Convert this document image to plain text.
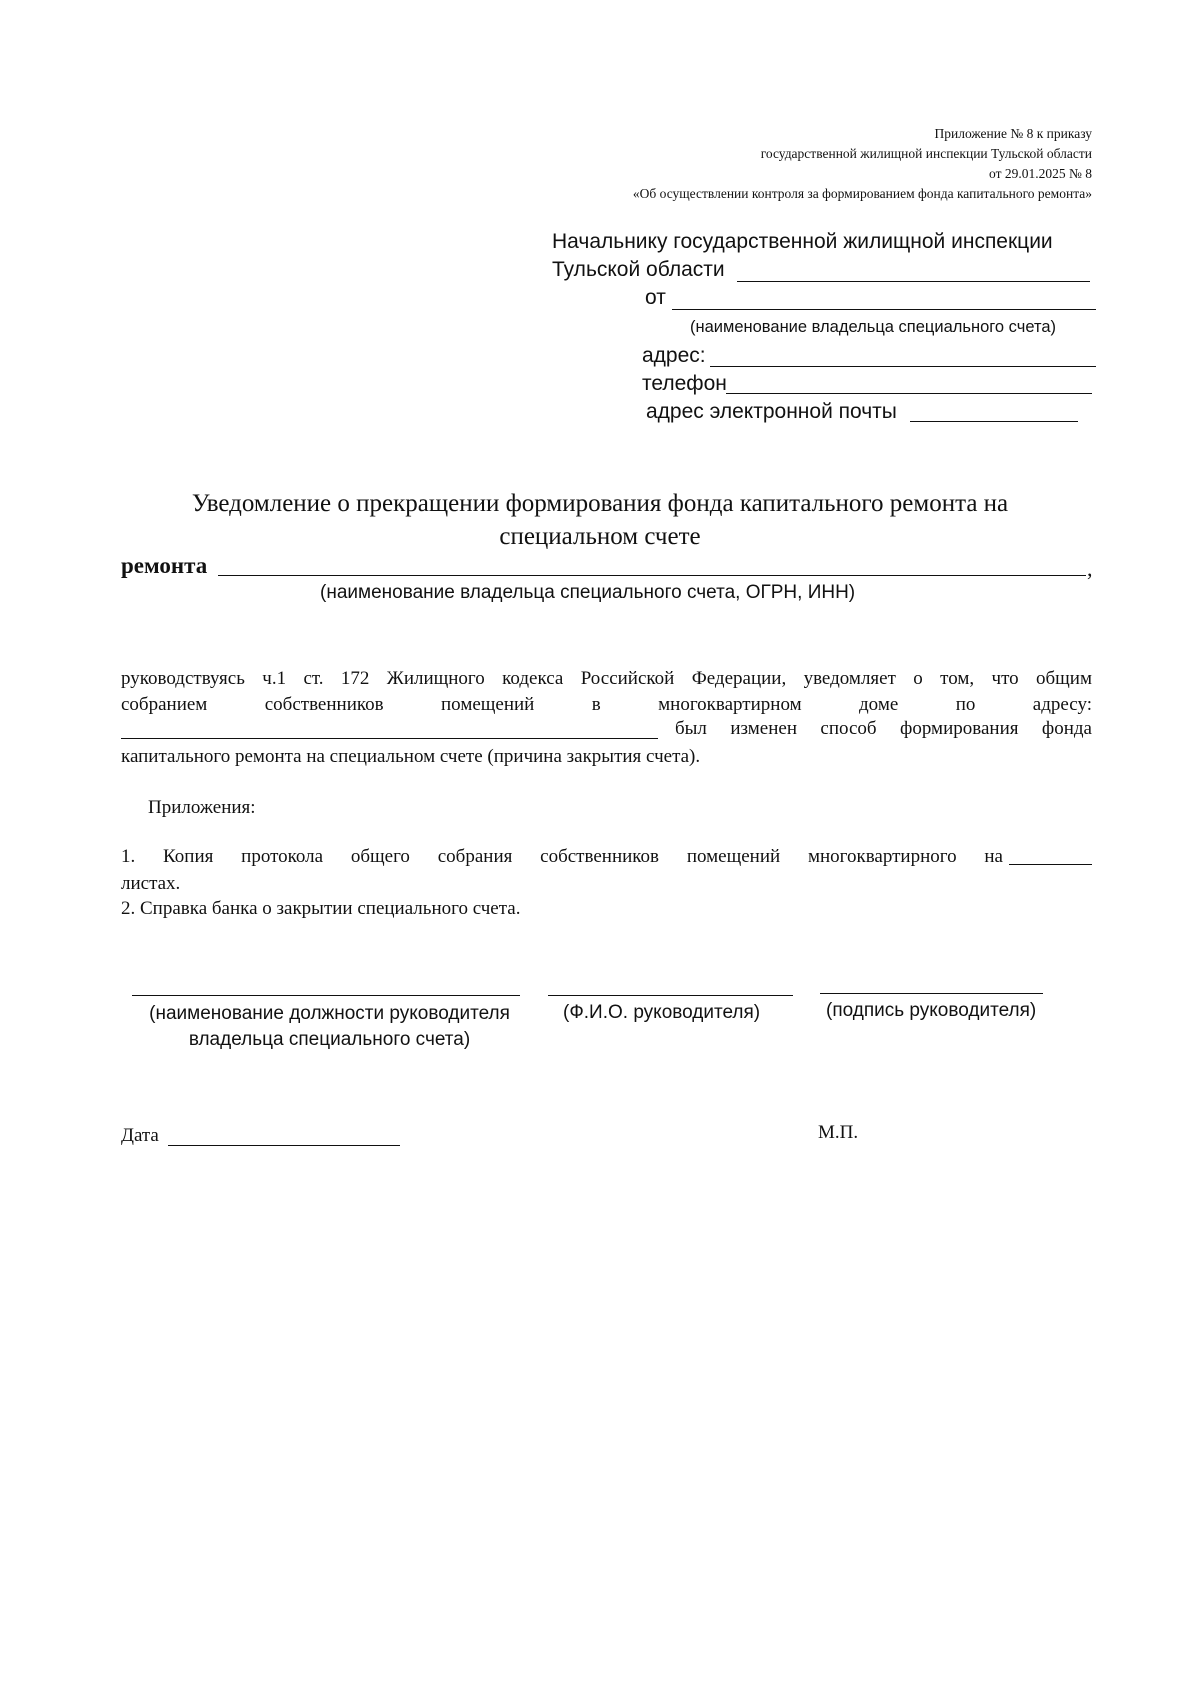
Приложение № 8 к приказу
государственной жилищной инспекции Тульской области
от 29.01.2025 № 8
«Об осуществлении контроля за формированием фонда капитального ремонта»
Начальнику государственной жилищной инспекции
Тульской области
от
(наименование владельца специального счета)
адрес:
телефон
адрес электронной почты
Уведомление о прекращении формирования фонда капитального ремонта на
специальном счете
ремонта	,
(наименование владельца специального счета, ОГРН, ИНН)
руководствуясь ч.1 ст. 172 Жилищного кодекса Российской Федерации, уведомляет о том, что общим
собранием	собственников	помещений	в	многоквартирном	доме	по	адресу:
был изменен способ формирования фонда
капитального ремонта на специальном счете (причина закрытия счета).
Приложения:
1. Копия протокола общего собрания собственников помещений многоквартирного на
листах.
2. Справка банка о закрытии специального счета.
(наименование должности руководителя
владельца специального счета)
(Ф.И.О. руководителя)	(подпись руководителя)
Дата	М.П.
